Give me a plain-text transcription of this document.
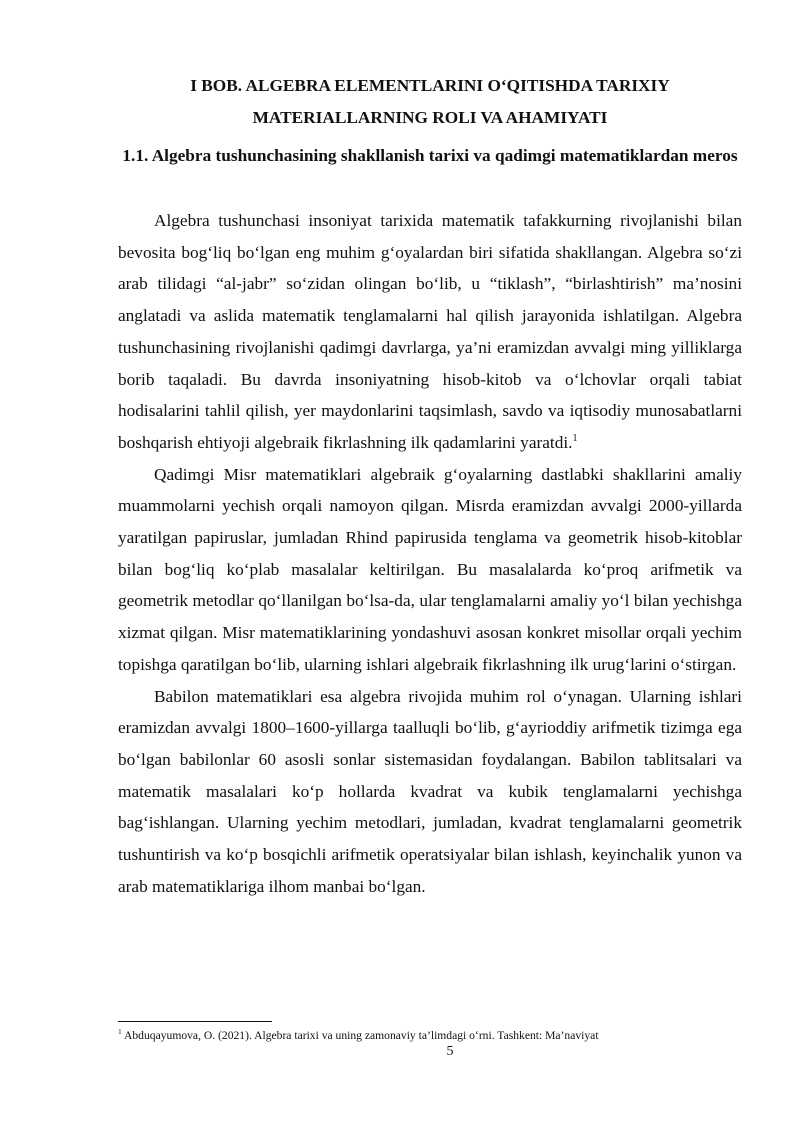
I BOB. ALGEBRA ELEMENTLARINI O‘QITISHDA TARIXIY MATERIALLARNING ROLI VA AHAMIYATI
1.1. Algebra tushunchasining shakllanish tarixi va qadimgi matematiklardan meros

Algebra tushunchasi insoniyat tarixida matematik tafakkurning rivojlanishi bilan bevosita bog‘liq bo‘lgan eng muhim g‘oyalardan biri sifatida shakllangan. Algebra so‘zi arab tilidagi “al-jabr” so‘zidan olingan bo‘lib, u “tiklash”, “birlashtirish” ma’nosini anglatadi va aslida matematik tenglamalarni hal qilish jarayonida ishlatilgan. Algebra tushunchasining rivojlanishi qadimgi davrlarga, ya’ni eramizdan avvalgi ming yilliklarga borib taqaladi. Bu davrda insoniyatning hisob-kitob va o‘lchovlar orqali tabiat hodisalarini tahlil qilish, yer maydonlarini taqsimlash, savdo va iqtisodiy munosabatlarni boshqarish ehtiyoji algebraik fikrlashning ilk qadamlarini yaratdi.$^1$

Qadimgi Misr matematiklari algebraik g‘oyalarning dastlabki shakllarini amaliy muammolarni yechish orqali namoyon qilgan. Misrda eramizdan avvalgi 2000-yillarda yaratilgan papiruslar, jumladan Rhind papirusida tenglama va geometrik hisob-kitoblar bilan bog‘liq ko‘plab masalalar keltirilgan. Bu masalalarda ko‘proq arifmetik va geometrik metodlar qo‘llanilgan bo‘lsa-da, ular tenglamalarni amaliy yo‘l bilan yechishga xizmat qilgan. Misr matematiklarining yondashuvi asosan konkret misollar orqali yechim topishga qaratilgan bo‘lib, ularning ishlari algebraik fikrlashning ilk urug‘larini o‘stirgan.

Babilon matematiklari esa algebra rivojida muhim rol o‘ynagan. Ularning ishlari eramizdan avvalgi 1800–1600-yillarga taalluqli bo‘lib, g‘ayrioddiy arifmetik tizimga ega bo‘lgan babilonlar 60 asosli sonlar sistemasidan foydalangan. Babilon tablitsalari va matematik masalalari ko‘p hollarda kvadrat va kubik tenglamalarni yechishga bag‘ishlangan. Ularning yechim metodlari, jumladan, kvadrat tenglamalarni geometrik tushuntirish va ko‘p bosqichli arifmetik operatsiyalar bilan ishlash, keyinchalik yunon va arab matematiklariga ilhom manbai bo‘lgan.

$^1$ Abduqayumova, O. (2021). Algebra tarixi va uning zamonaviy ta’limdagi o‘rni. Tashkent: Ma’naviyat

5
